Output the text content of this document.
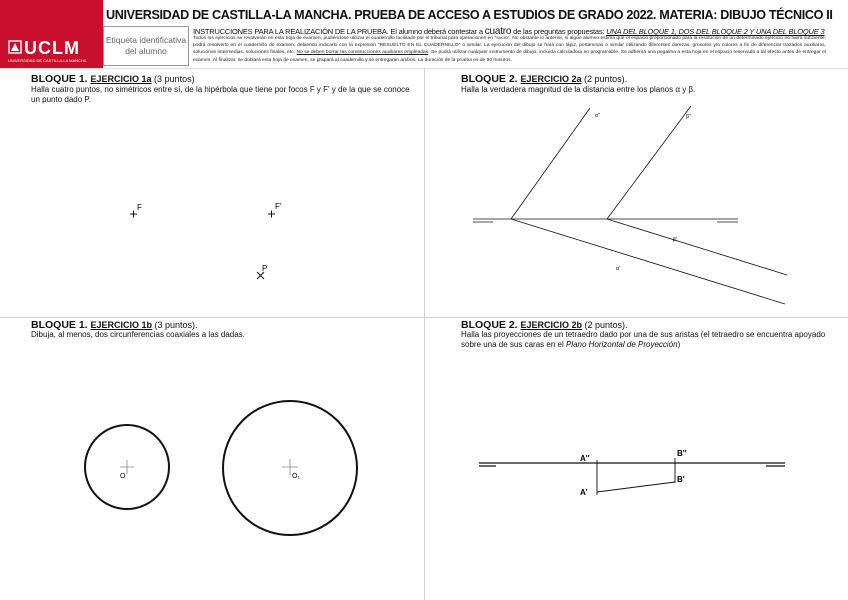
UCLM
UNIVERSIDAD DE CASTILLA-LA MANCHA
UNIVERSIDAD DE CASTILLA-LA MANCHA. PRUEBA DE ACCESO A ESTUDIOS DE GRADO 2022. MATERIA: DIBUJO TÉCNICO II
Etiqueta identificativa
del alumno
INSTRUCCIONES PARA LA REALIZACIÓN DE LA PRUEBA. El alumno deberá contestar a cuatro de las preguntas propuestas: UNA DEL BLOQUE 1, DOS DEL BLOQUE 2 Y UNA DEL BLOQUE 3
Todos los ejercicios se resolverán en esta hoja de examen, pudiéndose utilizar el cuadernillo facilitado por el tribunal para operaciones en "sucio". No obstante lo anterior, si algún alumno estima que el espacio proporcionado para la resolución de un determinado ejercicio no fuera suficiente, podrá resolverlo en el cuadernillo de examen, debiendo indicarlo con la expresión "RESUELTO EN EL CUADERNILLO" o similar. La ejecución del dibujo se hará con lápiz, portaminas o similar utilizando diferentes durezas, grosores y/o colores a fin de diferenciar trazados auxiliares, soluciones intermedias, soluciones finales, etc. No se deben borrar las construcciones auxiliares empleadas. Se podrá utilizar cualquier instrumento de dibujo, incluida calculadora no programable. Se adherirá una pegatina a esta hoja en el espacio reservado a tal efecto antes de entregar el examen. Al finalizar, se doblará esta hoja de examen, se grapará al cuadernillo y se entregarán ambos. La duración de la prueba es de 90 minutos.
BLOQUE 1. EJERCICIO 1a (3 puntos)
Halla cuatro puntos, no simétricos entre sí, de la hipérbola que tiene por focos F y F' y de la que se conoce un punto dado P.
BLOQUE 2. EJERCICIO 2a (2 puntos).
Halla la verdadera magnitud de la distancia entre los planos α y β.
BLOQUE 1. EJERCICIO 1b (3 puntos).
Dibuja, al menos, dos circunferencias coaxiales a las dadas.
BLOQUE 2. EJERCICIO 2b (2 puntos).
Halla las proyecciones de un tetraedro dado por una de sus aristas (el tetraedro se encuentra apoyado
sobre una de sus caras en el Plano Horizontal de Proyección)
F	F'
P
α''	β''
β'
α'
O	O₁
A''
B''
B'
A'
